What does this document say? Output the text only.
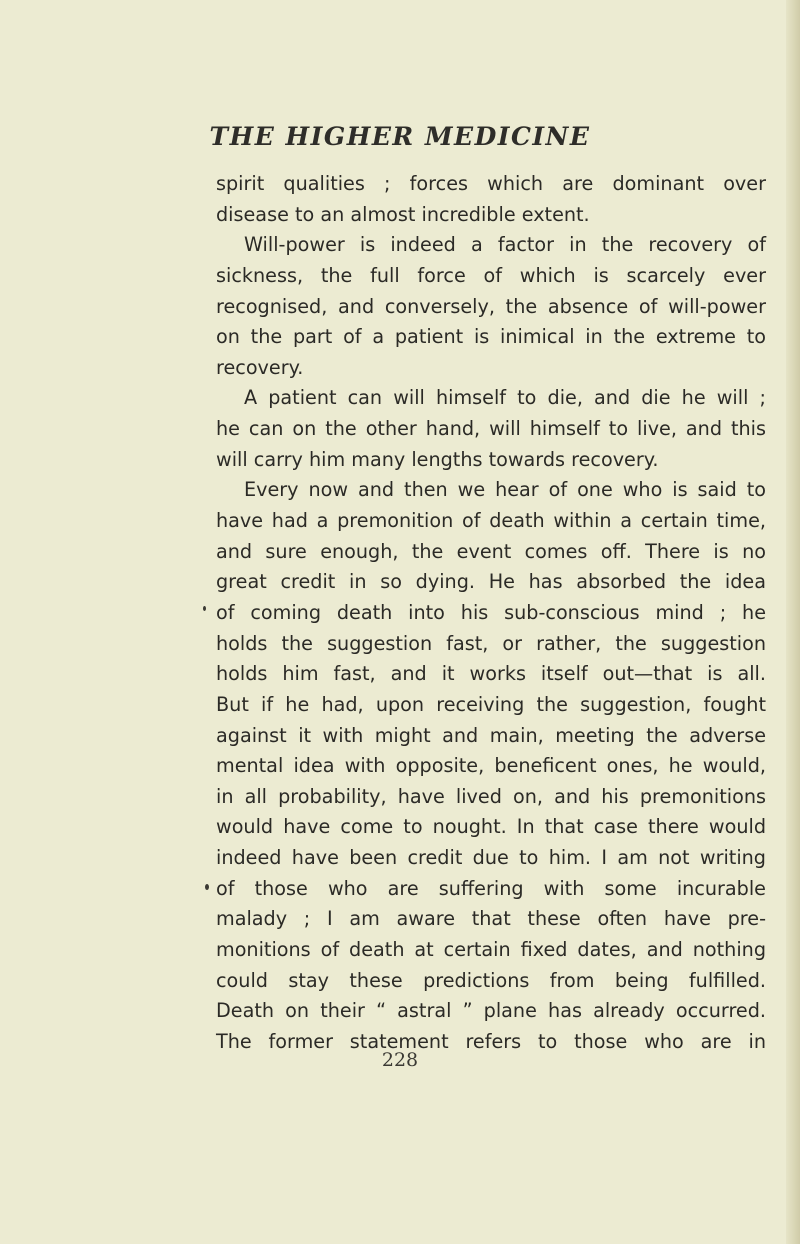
THE HIGHER MEDICINE
spirit qualities ; forces which are dominant over
disease to an almost incredible extent.
Will-power is indeed a factor in the recovery of
sickness, the full force of which is scarcely ever
recognised, and conversely, the absence of will-power
on the part of a patient is inimical in the extreme to
recovery.
A patient can will himself to die, and die he will ;
he can on the other hand, will himself to live, and this
will carry him many lengths towards recovery.
Every now and then we hear of one who is said to
have had a premonition of death within a certain time,
and sure enough, the event comes off. There is no
great credit in so dying. He has absorbed the idea
of coming death into his sub-conscious mind ; he
holds the suggestion fast, or rather, the suggestion
holds him fast, and it works itself out—that is all.
But if he had, upon receiving the suggestion, fought
against it with might and main, meeting the adverse
mental idea with opposite, beneficent ones, he would,
in all probability, have lived on, and his premonitions
would have come to nought. In that case there would
indeed have been credit due to him. I am not writing
of those who are suffering with some incurable
malady ; I am aware that these often have pre-
monitions of death at certain fixed dates, and nothing
could stay these predictions from being fulfilled.
Death on their “ astral ” plane has already occurred.
The former statement refers to those who are in
228
